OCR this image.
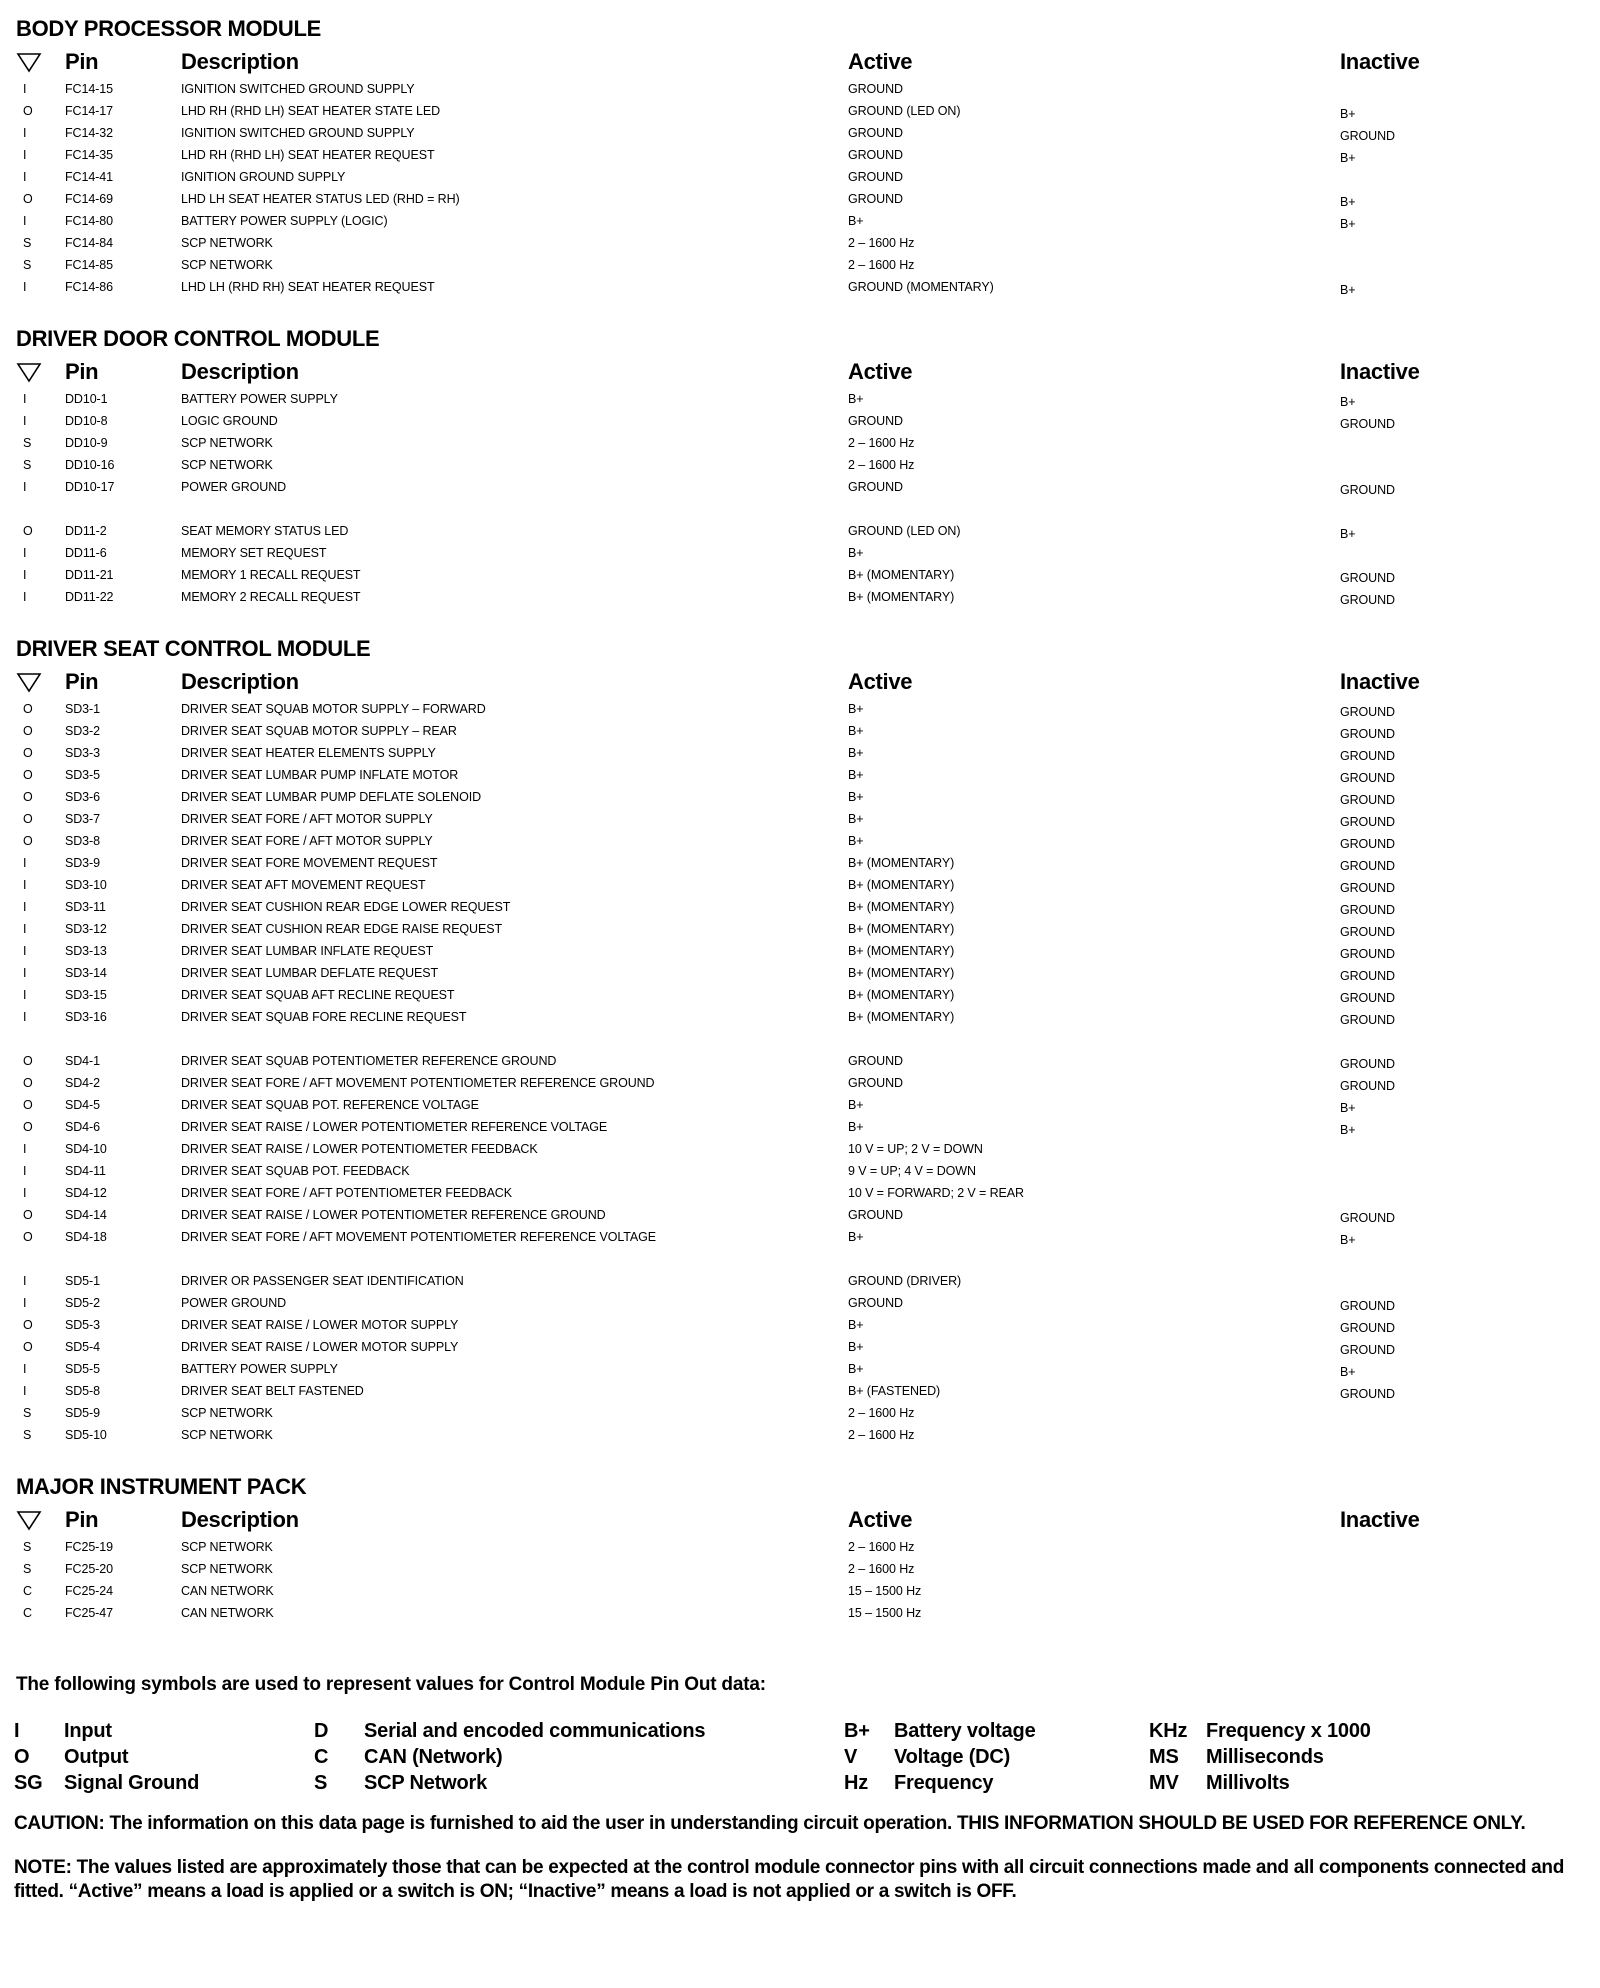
BODY PROCESSOR MODULE
Pin	Description	Active	Inactive
I	FC14-15	IGNITION SWITCHED GROUND SUPPLY	GROUND
O	FC14-17	LHD RH (RHD LH) SEAT HEATER STATE LED	GROUND (LED ON)	B+
I	FC14-32	IGNITION SWITCHED GROUND SUPPLY	GROUND	GROUND
I	FC14-35	LHD RH (RHD LH) SEAT HEATER REQUEST	GROUND	B+
I	FC14-41	IGNITION GROUND SUPPLY	GROUND
O	FC14-69	LHD LH SEAT HEATER STATUS LED (RHD = RH)	GROUND	B+
I	FC14-80	BATTERY POWER SUPPLY (LOGIC)	B+	B+
S	FC14-84	SCP NETWORK	2 – 1600 Hz
S	FC14-85	SCP NETWORK	2 – 1600 Hz
I	FC14-86	LHD LH (RHD RH) SEAT HEATER REQUEST	GROUND (MOMENTARY)	B+
DRIVER DOOR CONTROL MODULE
Pin	Description	Active	Inactive
I	DD10-1	BATTERY POWER SUPPLY	B+	B+
I	DD10-8	LOGIC GROUND	GROUND	GROUND
S	DD10-9	SCP NETWORK	2 – 1600 Hz
S	DD10-16	SCP NETWORK	2 – 1600 Hz
I	DD10-17	POWER GROUND	GROUND	GROUND
O	DD11-2	SEAT MEMORY STATUS LED	GROUND (LED ON)	B+
I	DD11-6	MEMORY SET REQUEST	B+
I	DD11-21	MEMORY 1 RECALL REQUEST	B+ (MOMENTARY)	GROUND
I	DD11-22	MEMORY 2 RECALL REQUEST	B+ (MOMENTARY)	GROUND
DRIVER SEAT CONTROL MODULE
Pin	Description	Active	Inactive
O	SD3-1	DRIVER SEAT SQUAB MOTOR SUPPLY – FORWARD	B+	GROUND
O	SD3-2	DRIVER SEAT SQUAB MOTOR SUPPLY – REAR	B+	GROUND
O	SD3-3	DRIVER SEAT HEATER ELEMENTS SUPPLY	B+	GROUND
O	SD3-5	DRIVER SEAT LUMBAR PUMP INFLATE MOTOR	B+	GROUND
O	SD3-6	DRIVER SEAT LUMBAR PUMP DEFLATE SOLENOID	B+	GROUND
O	SD3-7	DRIVER SEAT FORE / AFT MOTOR SUPPLY	B+	GROUND
O	SD3-8	DRIVER SEAT FORE / AFT MOTOR SUPPLY	B+	GROUND
I	SD3-9	DRIVER SEAT FORE MOVEMENT REQUEST	B+ (MOMENTARY)	GROUND
I	SD3-10	DRIVER SEAT AFT MOVEMENT REQUEST	B+ (MOMENTARY)	GROUND
I	SD3-11	DRIVER SEAT CUSHION REAR EDGE LOWER REQUEST	B+ (MOMENTARY)	GROUND
I	SD3-12	DRIVER SEAT CUSHION REAR EDGE RAISE REQUEST	B+ (MOMENTARY)	GROUND
I	SD3-13	DRIVER SEAT LUMBAR INFLATE REQUEST	B+ (MOMENTARY)	GROUND
I	SD3-14	DRIVER SEAT LUMBAR DEFLATE REQUEST	B+ (MOMENTARY)	GROUND
I	SD3-15	DRIVER SEAT SQUAB AFT RECLINE REQUEST	B+ (MOMENTARY)	GROUND
I	SD3-16	DRIVER SEAT SQUAB FORE RECLINE REQUEST	B+ (MOMENTARY)	GROUND
O	SD4-1	DRIVER SEAT SQUAB POTENTIOMETER REFERENCE GROUND	GROUND	GROUND
O	SD4-2	DRIVER SEAT FORE / AFT MOVEMENT POTENTIOMETER REFERENCE GROUND	GROUND	GROUND
O	SD4-5	DRIVER SEAT SQUAB POT. REFERENCE VOLTAGE	B+	B+
O	SD4-6	DRIVER SEAT RAISE / LOWER POTENTIOMETER REFERENCE VOLTAGE	B+	B+
I	SD4-10	DRIVER SEAT RAISE / LOWER POTENTIOMETER FEEDBACK	10 V = UP; 2 V = DOWN
I	SD4-11	DRIVER SEAT SQUAB POT. FEEDBACK	9 V = UP; 4 V = DOWN
I	SD4-12	DRIVER SEAT FORE / AFT POTENTIOMETER FEEDBACK	10 V = FORWARD; 2 V = REAR
O	SD4-14	DRIVER SEAT RAISE / LOWER POTENTIOMETER REFERENCE GROUND	GROUND	GROUND
O	SD4-18	DRIVER SEAT FORE / AFT MOVEMENT POTENTIOMETER REFERENCE VOLTAGE	B+	B+
I	SD5-1	DRIVER OR PASSENGER SEAT IDENTIFICATION	GROUND (DRIVER)
I	SD5-2	POWER GROUND	GROUND	GROUND
O	SD5-3	DRIVER SEAT RAISE / LOWER MOTOR SUPPLY	B+	GROUND
O	SD5-4	DRIVER SEAT RAISE / LOWER MOTOR SUPPLY	B+	GROUND
I	SD5-5	BATTERY POWER SUPPLY	B+	B+
I	SD5-8	DRIVER SEAT BELT FASTENED	B+ (FASTENED)	GROUND
S	SD5-9	SCP NETWORK	2 – 1600 Hz
S	SD5-10	SCP NETWORK	2 – 1600 Hz
MAJOR INSTRUMENT PACK
Pin	Description	Active	Inactive
S	FC25-19	SCP NETWORK	2 – 1600 Hz
S	FC25-20	SCP NETWORK	2 – 1600 Hz
C	FC25-24	CAN NETWORK	15 – 1500 Hz
C	FC25-47	CAN NETWORK	15 – 1500 Hz
The following symbols are used to represent values for Control Module Pin Out data:
I	Input
O	Output
SG	Signal Ground
D	Serial and encoded communications
C	CAN (Network)
S	SCP Network
B+	Battery voltage
V	Voltage (DC)
Hz	Frequency
KHz Frequency x 1000
MS	Milliseconds
MV	Millivolts
CAUTION: The information on this data page is furnished to aid the user in understanding circuit operation. THIS INFORMATION SHOULD BE USED FOR REFERENCE ONLY.
NOTE: The values listed are approximately those that can be expected at the control module connector pins with all circuit connections made and all components connected and fitted. “Active” means a load is applied or a switch is ON; “Inactive” means a load is not applied or a switch is OFF.
